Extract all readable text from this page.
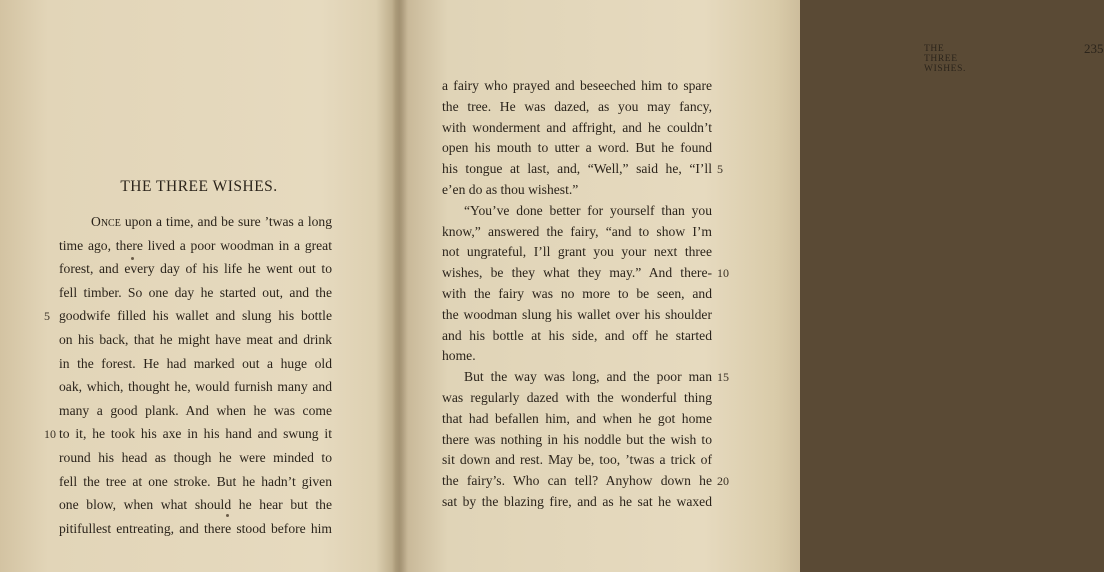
THE THREE WISHES.
Once upon a time, and be sure ’twas a long
time ago, there lived a poor woodman in a great
forest, and every day of his life he went out to
fell timber. So one day he started out, and the
goodwife filled his wallet and slung his bottle
5
on his back, that he might have meat and drink
in the forest. He had marked out a huge old
oak, which, thought he, would furnish many and
many a good plank. And when he was come
to it, he took his axe in his hand and swung it
10
round his head as though he were minded to
fell the tree at one stroke. But he hadn’t given
one blow, when what should he hear but the
pitifullest entreating, and there stood before him
THE THREE WISHES.
235
a fairy who prayed and beseeched him to spare
the tree. He was dazed, as you may fancy,
with wonderment and affright, and he couldn’t
open his mouth to utter a word. But he found
his tongue at last, and, “Well,” said he, “I’ll 5
e’en do as thou wishest.”
“You’ve done better for yourself than you
know,” answered the fairy, “and to show I’m
not ungrateful, I’ll grant you your next three
wishes, be they what they may.” And there- 10
with the fairy was no more to be seen, and
the woodman slung his wallet over his shoulder
and his bottle at his side, and off he started
home.
But the way was long, and the poor man 15
was regularly dazed with the wonderful thing
that had befallen him, and when he got home
there was nothing in his noddle but the wish to
sit down and rest. May be, too, ’twas a trick of
the fairy’s. Who can tell? Anyhow down he 20
sat by the blazing fire, and as he sat he waxed
